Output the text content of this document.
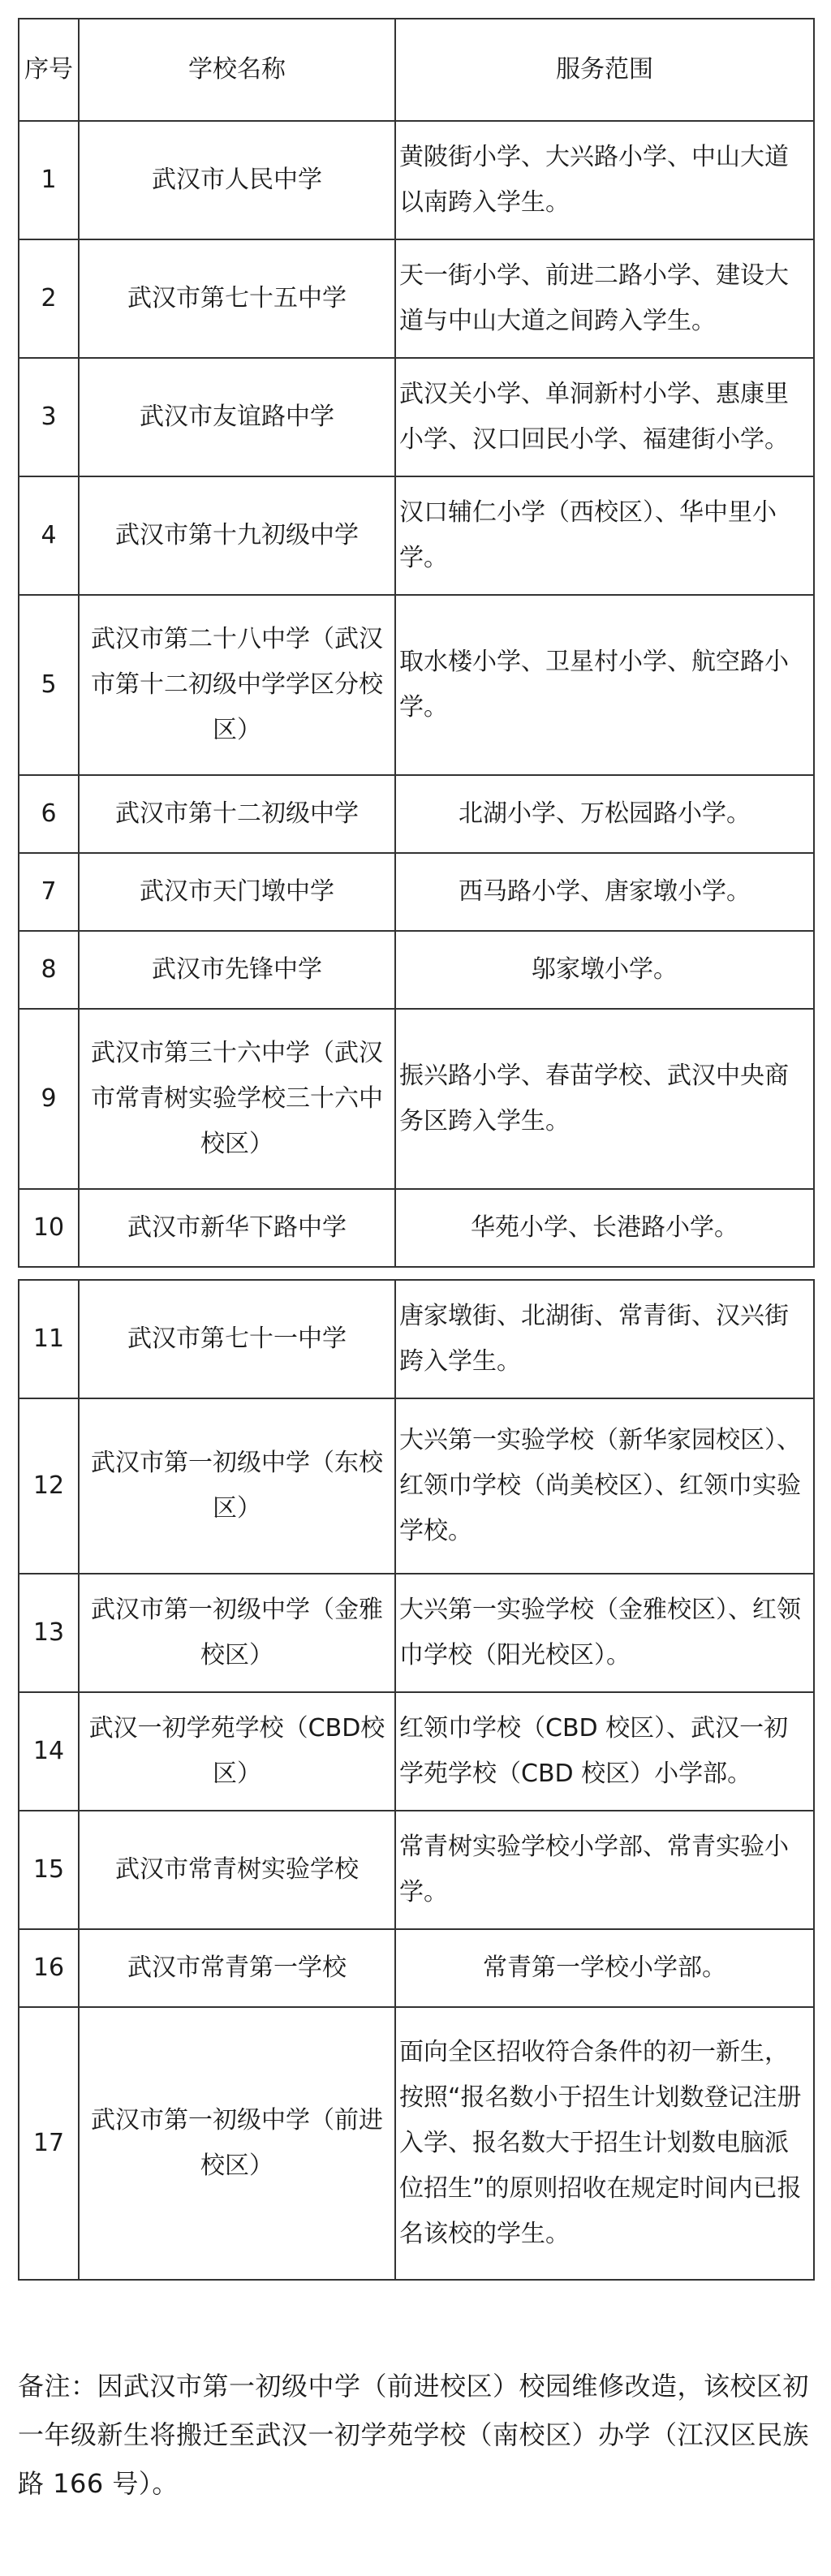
序号	学校名称	服务范围
1	武汉市人民中学	黄陂街小学、大兴路小学、中山大道以南跨入学生。
2	武汉市第七十五中学	天一街小学、前进二路小学、建设大道与中山大道之间跨入学生。
3	武汉市友谊路中学	武汉关小学、单洞新村小学、惠康里小学、汉口回民小学、福建街小学。
4	武汉市第十九初级中学	汉口辅仁小学（西校区）、华中里小学。
5	武汉市第二十八中学（武汉市第十二初级中学学区分校区）	取水楼小学、卫星村小学、航空路小学。
6	武汉市第十二初级中学	北湖小学、万松园路小学。
7	武汉市天门墩中学	西马路小学、唐家墩小学。
8	武汉市先锋中学	邬家墩小学。
9	武汉市第三十六中学（武汉市常青树实验学校三十六中校区）	振兴路小学、春苗学校、武汉中央商务区跨入学生。
10	武汉市新华下路中学	华苑小学、长港路小学。
11	武汉市第七十一中学	唐家墩街、北湖街、常青街、汉兴街跨入学生。
12	武汉市第一初级中学（东校区）	大兴第一实验学校（新华家园校区）、红领巾学校（尚美校区）、红领巾实验学校。
13	武汉市第一初级中学（金雅校区）	大兴第一实验学校（金雅校区）、红领巾学校（阳光校区）。
14	武汉一初学苑学校（CBD校区）	红领巾学校（CBD 校区）、武汉一初学苑学校（CBD 校区）小学部。
15	武汉市常青树实验学校	常青树实验学校小学部、常青实验小学。
16	武汉市常青第一学校	常青第一学校小学部。
17	武汉市第一初级中学（前进校区）	面向全区招收符合条件的初一新生，按照“报名数小于招生计划数登记注册入学、报名数大于招生计划数电脑派位招生”的原则招收在规定时间内已报名该校的学生。
备注：因武汉市第一初级中学（前进校区）校园维修改造，该校区初一年级新生将搬迁至武汉一初学苑学校（南校区）办学（江汉区民族路 166 号）。
